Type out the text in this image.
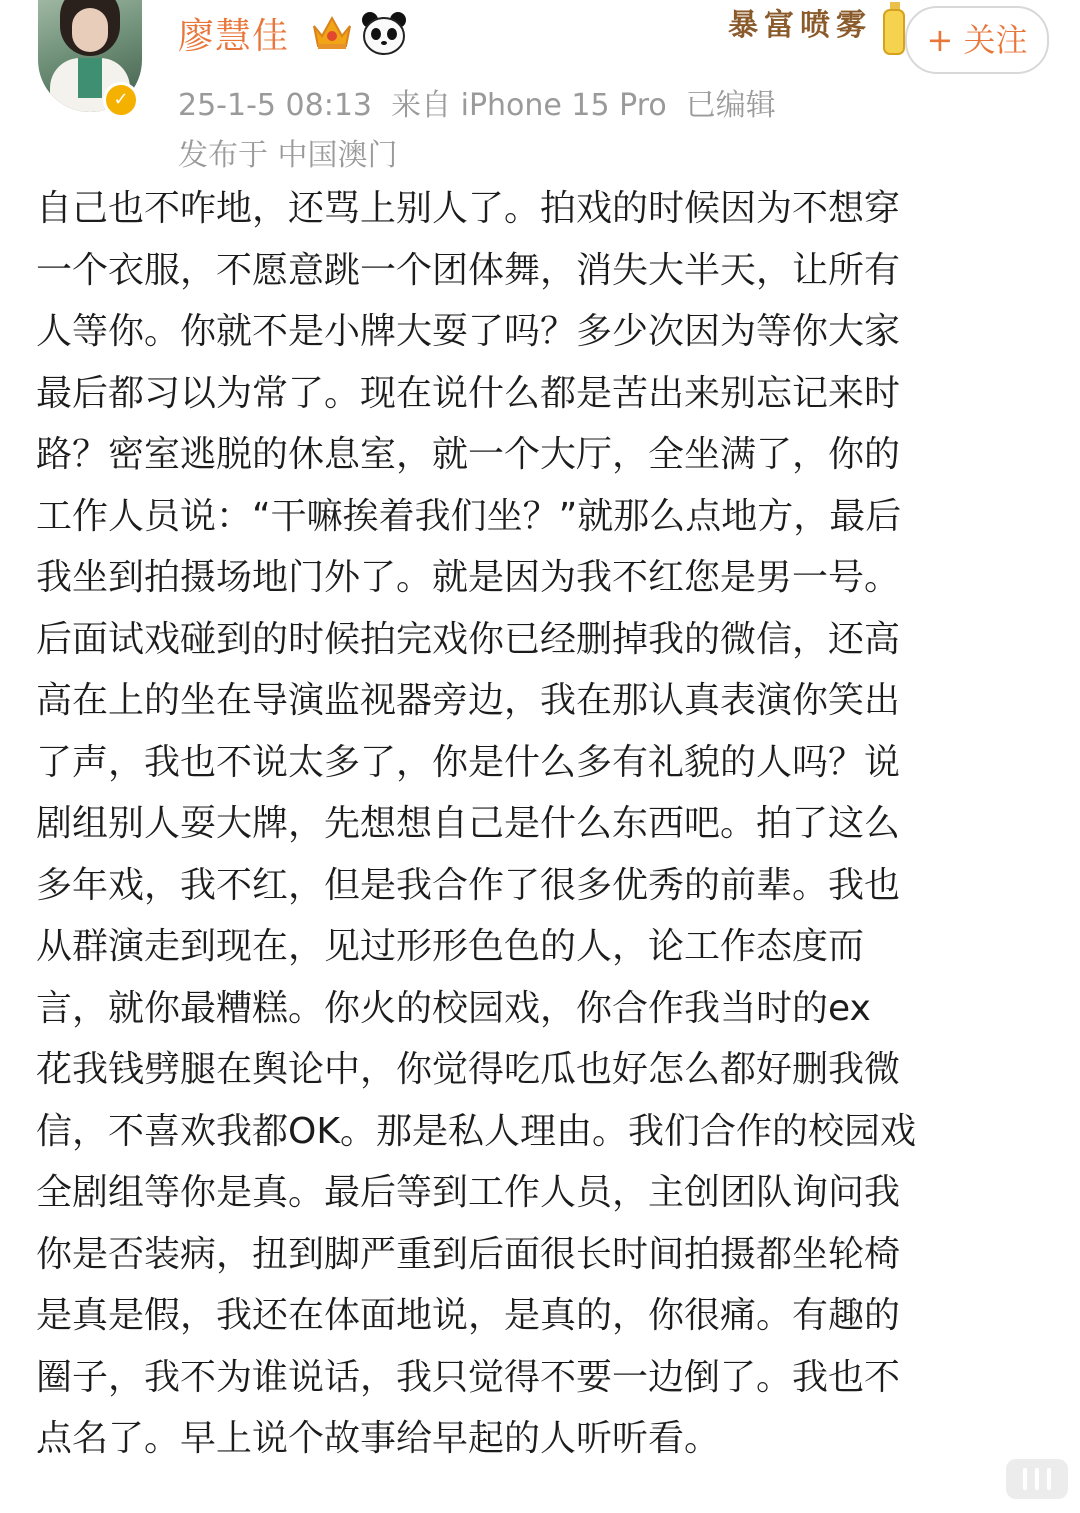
✓
廖慧佳
25-1-5 08:13 来自 iPhone 15 Pro 已编辑
发布于 中国澳门
暴富喷雾	+ 关注
自己也不咋地，还骂上别人了。拍戏的时候因为不想穿
一个衣服，不愿意跳一个团体舞，消失大半天，让所有
人等你。你就不是小牌大耍了吗？多少次因为等你大家
最后都习以为常了。现在说什么都是苦出来别忘记来时
路？密室逃脱的休息室，就一个大厅，全坐满了，你的
工作人员说：“干嘛挨着我们坐？”就那么点地方，最后
我坐到拍摄场地门外了。就是因为我不红您是男一号。
后面试戏碰到的时候拍完戏你已经删掉我的微信，还高
高在上的坐在导演监视器旁边，我在那认真表演你笑出
了声，我也不说太多了，你是什么多有礼貌的人吗？说
剧组别人耍大牌，先想想自己是什么东西吧。拍了这么
多年戏，我不红，但是我合作了很多优秀的前辈。我也
从群演走到现在，见过形形色色的人，论工作态度而
言，就你最糟糕。你火的校园戏，你合作我当时的ex
花我钱劈腿在舆论中，你觉得吃瓜也好怎么都好删我微
信，不喜欢我都OK。那是私人理由。我们合作的校园戏
全剧组等你是真。最后等到工作人员，主创团队询问我
你是否装病，扭到脚严重到后面很长时间拍摄都坐轮椅
是真是假，我还在体面地说，是真的，你很痛。有趣的
圈子，我不为谁说话，我只觉得不要一边倒了。我也不
点名了。早上说个故事给早起的人听听看。
